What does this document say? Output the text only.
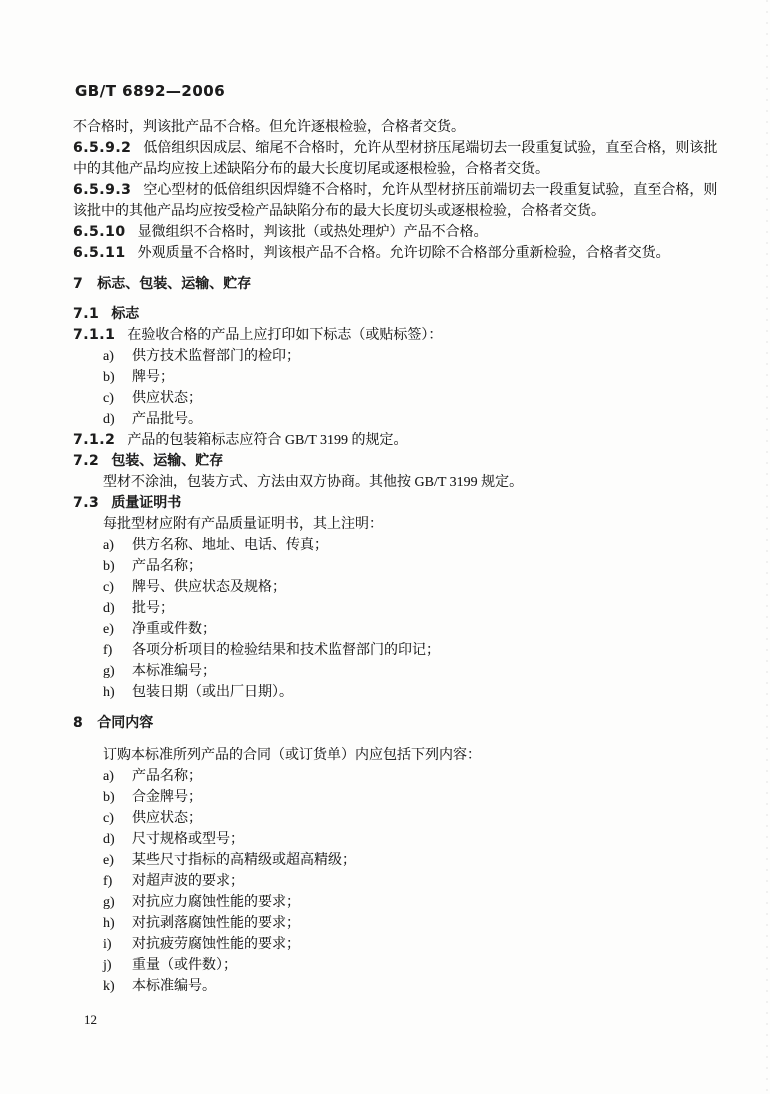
GB/T 6892—2006
不合格时，判该批产品不合格。但允许逐根检验，合格者交货。
6.5.9.2 低倍组织因成层、缩尾不合格时，允许从型材挤压尾端切去一段重复试验，直至合格，则该批
中的其他产品均应按上述缺陷分布的最大长度切尾或逐根检验，合格者交货。
6.5.9.3 空心型材的低倍组织因焊缝不合格时，允许从型材挤压前端切去一段重复试验，直至合格，则
该批中的其他产品均应按受检产品缺陷分布的最大长度切头或逐根检验，合格者交货。
6.5.10 显微组织不合格时，判该批（或热处理炉）产品不合格。
6.5.11 外观质量不合格时，判该根产品不合格。允许切除不合格部分重新检验，合格者交货。
7 标志、包装、运输、贮存
7.1 标志
7.1.1 在验收合格的产品上应打印如下标志（或贴标签）：
a) 供方技术监督部门的检印；
b) 牌号；
c) 供应状态；
d) 产品批号。
7.1.2 产品的包装箱标志应符合 GB/T 3199 的规定。
7.2 包装、运输、贮存
型材不涂油，包装方式、方法由双方协商。其他按 GB/T 3199 规定。
7.3 质量证明书
每批型材应附有产品质量证明书，其上注明：
a) 供方名称、地址、电话、传真；
b) 产品名称；
c) 牌号、供应状态及规格；
d) 批号；
e) 净重或件数；
f) 各项分析项目的检验结果和技术监督部门的印记；
g) 本标准编号；
h) 包装日期（或出厂日期）。
8 合同内容
订购本标准所列产品的合同（或订货单）内应包括下列内容：
a) 产品名称；
b) 合金牌号；
c) 供应状态；
d) 尺寸规格或型号；
e) 某些尺寸指标的高精级或超高精级；
f) 对超声波的要求；
g) 对抗应力腐蚀性能的要求；
h) 对抗剥落腐蚀性能的要求；
i) 对抗疲劳腐蚀性能的要求；
j) 重量（或件数）；
k) 本标准编号。
12
